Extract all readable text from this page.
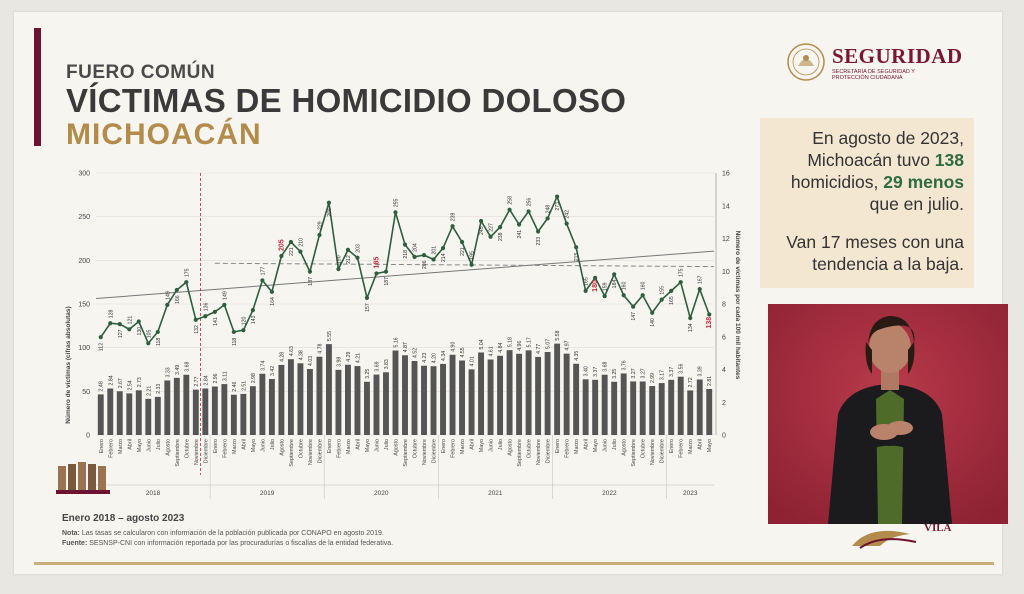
FUERO COMÚN
VÍCTIMAS DE HOMICIDIO DOLOSO
MICHOACÁN
SEGURIDAD
SECRETARÍA DE SEGURIDAD Y PROTECCIÓN CIUDADANA
En agosto de 2023,
Michoacán tuvo 138
homicidios, 29 menos
que en julio.
Van 17 meses con una
tendencia a la baja.
0
50
100
150
200
250
300
0
2
4
6
8
10
12
14
16
2.48
2.84 2.67 2.54 2.73
2.21 2.33
3.33 3.49 3.68
2.77 2.84 2.96 3.11
2.46 2.51
2.98
3.74
3.42
4.28
4.63 4.38
4.03
4.78
5.55
3.98
4.29 4.21
3.25
3.69 3.83
5.16 4.87
4.52 4.23 4.20 4.34
4.90
4.55
4.01
5.04
4.61 4.84
5.18 4.96 5.17
4.77 5.07
5.58
4.97
4.35
3.40 3.37
3.68
3.25
3.76
3.27 3.27 2.99 3.17 3.37 3.56
2.72
3.39
2.81
112
128
127
121
130 105
118
149 166
175
132
136
141
149
118
120 143
177
164
205
221
210
187
229
266
190 212
203
157
185
187
255
218
204
206
201
214
239
221 195
245 227
238
258
241
256
233
248 273
242
215
165 180 159 184 160
147
160
140
155
165
175
134
167
138
Enero Febrero Marzo Abril Mayo Junio Julio Agosto Septiembre Octubre Noviembre Diciembre Enero Febrero Marzo Abril Mayo Junio Julio Agosto Septiembre Octubre Noviembre Diciembre Enero Febrero Marzo Abril Mayo Junio Julio Agosto Septiembre Octubre Noviembre Diciembre Enero Febrero Marzo Abril Mayo Junio Julio Agosto Septiembre Octubre Noviembre Diciembre Enero Febrero Marzo Abril Mayo Junio Julio Agosto Septiembre Octubre Noviembre Diciembre Enero Febrero Marzo Abril Mayo
2018	2019	2020	2021	2022	2023
Número de víctimas (cifras absolutas)	Número de víctimas por cada 100 mil habitantes
Enero 2018 – agosto 2023
Nota: Las tasas se calcularon con información de la población publicada por CONAPO en agosto 2019.
Fuente: SESNSP-CNI con información reportada por las procuradurías o fiscalías de la entidad federativa.
VILA
